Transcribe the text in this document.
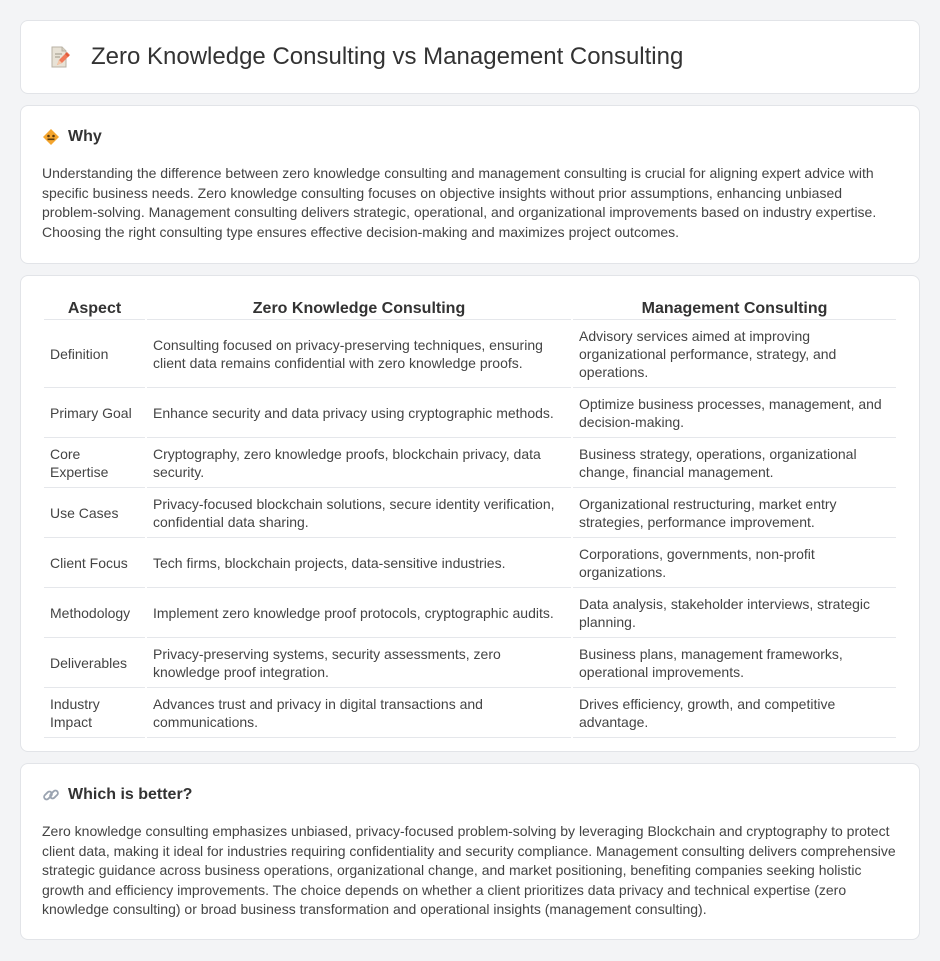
Zero Knowledge Consulting vs Management Consulting
Why

Understanding the difference between zero knowledge consulting and management consulting is crucial for aligning expert advice with specific business needs. Zero knowledge consulting focuses on objective insights without prior assumptions, enhancing unbiased problem-solving. Management consulting delivers strategic, operational, and organizational improvements based on industry expertise. Choosing the right consulting type ensures effective decision-making and maximizes project outcomes.

Aspect	Zero Knowledge Consulting	Management Consulting
Definition	Consulting focused on privacy-preserving techniques, ensuring client data remains confidential with zero knowledge proofs.	Advisory services aimed at improving organizational performance, strategy, and operations.
Primary Goal	Enhance security and data privacy using cryptographic methods.	Optimize business processes, management, and decision-making.
Core Expertise	Cryptography, zero knowledge proofs, blockchain privacy, data security.	Business strategy, operations, organizational change, financial management.
Use Cases	Privacy-focused blockchain solutions, secure identity verification, confidential data sharing.	Organizational restructuring, market entry strategies, performance improvement.
Client Focus	Tech firms, blockchain projects, data-sensitive industries.	Corporations, governments, non-profit organizations.
Methodology	Implement zero knowledge proof protocols, cryptographic audits.	Data analysis, stakeholder interviews, strategic planning.
Deliverables	Privacy-preserving systems, security assessments, zero knowledge proof integration.	Business plans, management frameworks, operational improvements.
Industry Impact	Advances trust and privacy in digital transactions and communications.	Drives efficiency, growth, and competitive advantage.
Which is better?

Zero knowledge consulting emphasizes unbiased, privacy-focused problem-solving by leveraging Blockchain and cryptography to protect client data, making it ideal for industries requiring confidentiality and security compliance. Management consulting delivers comprehensive strategic guidance across business operations, organizational change, and market positioning, benefiting companies seeking holistic growth and efficiency improvements. The choice depends on whether a client prioritizes data privacy and technical expertise (zero knowledge consulting) or broad business transformation and operational insights (management consulting).
